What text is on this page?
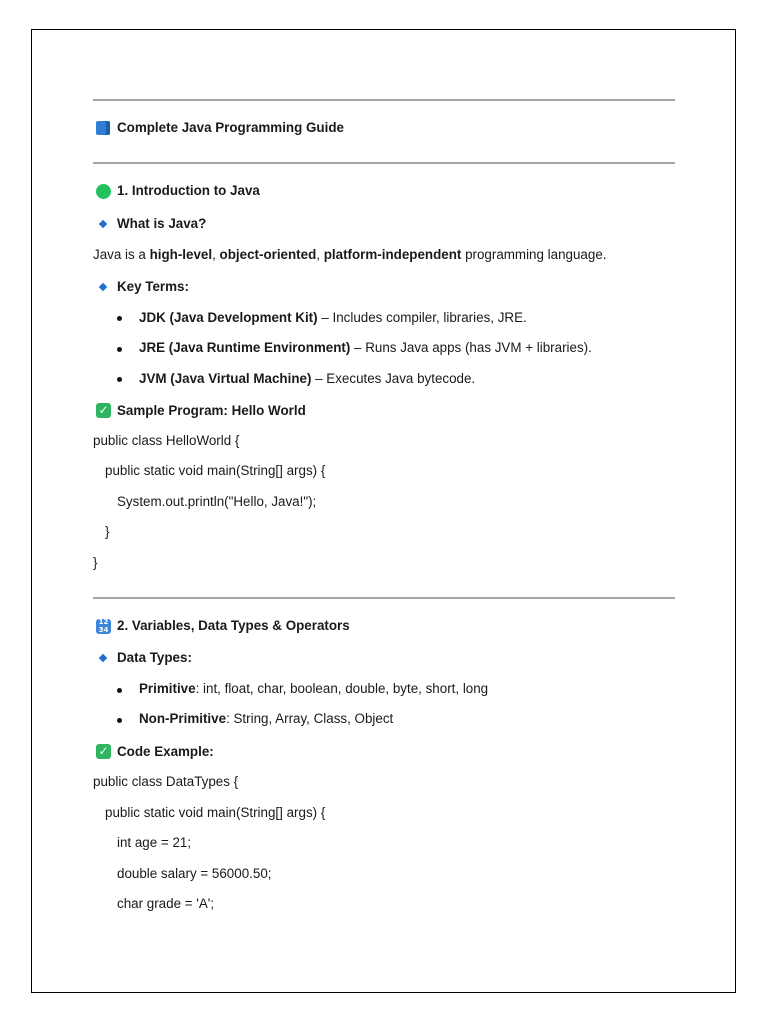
Complete Java Programming Guide
1. Introduction to Java
What is Java?
Java is a high-level, object-oriented, platform-independent programming language.
Key Terms:
JDK (Java Development Kit) – Includes compiler, libraries, JRE.
JRE (Java Runtime Environment) – Runs Java apps (has JVM + libraries).
JVM (Java Virtual Machine) – Executes Java bytecode.
✓ Sample Program: Hello World
public class HelloWorld {
public static void main(String[] args) {
System.out.println("Hello, Java!");
}
}
12
34 2. Variables, Data Types & Operators
Data Types:
Primitive: int, float, char, boolean, double, byte, short, long
Non-Primitive: String, Array, Class, Object
✓ Code Example:
public class DataTypes {
public static void main(String[] args) {
int age = 21;
double salary = 56000.50;
char grade = 'A';
